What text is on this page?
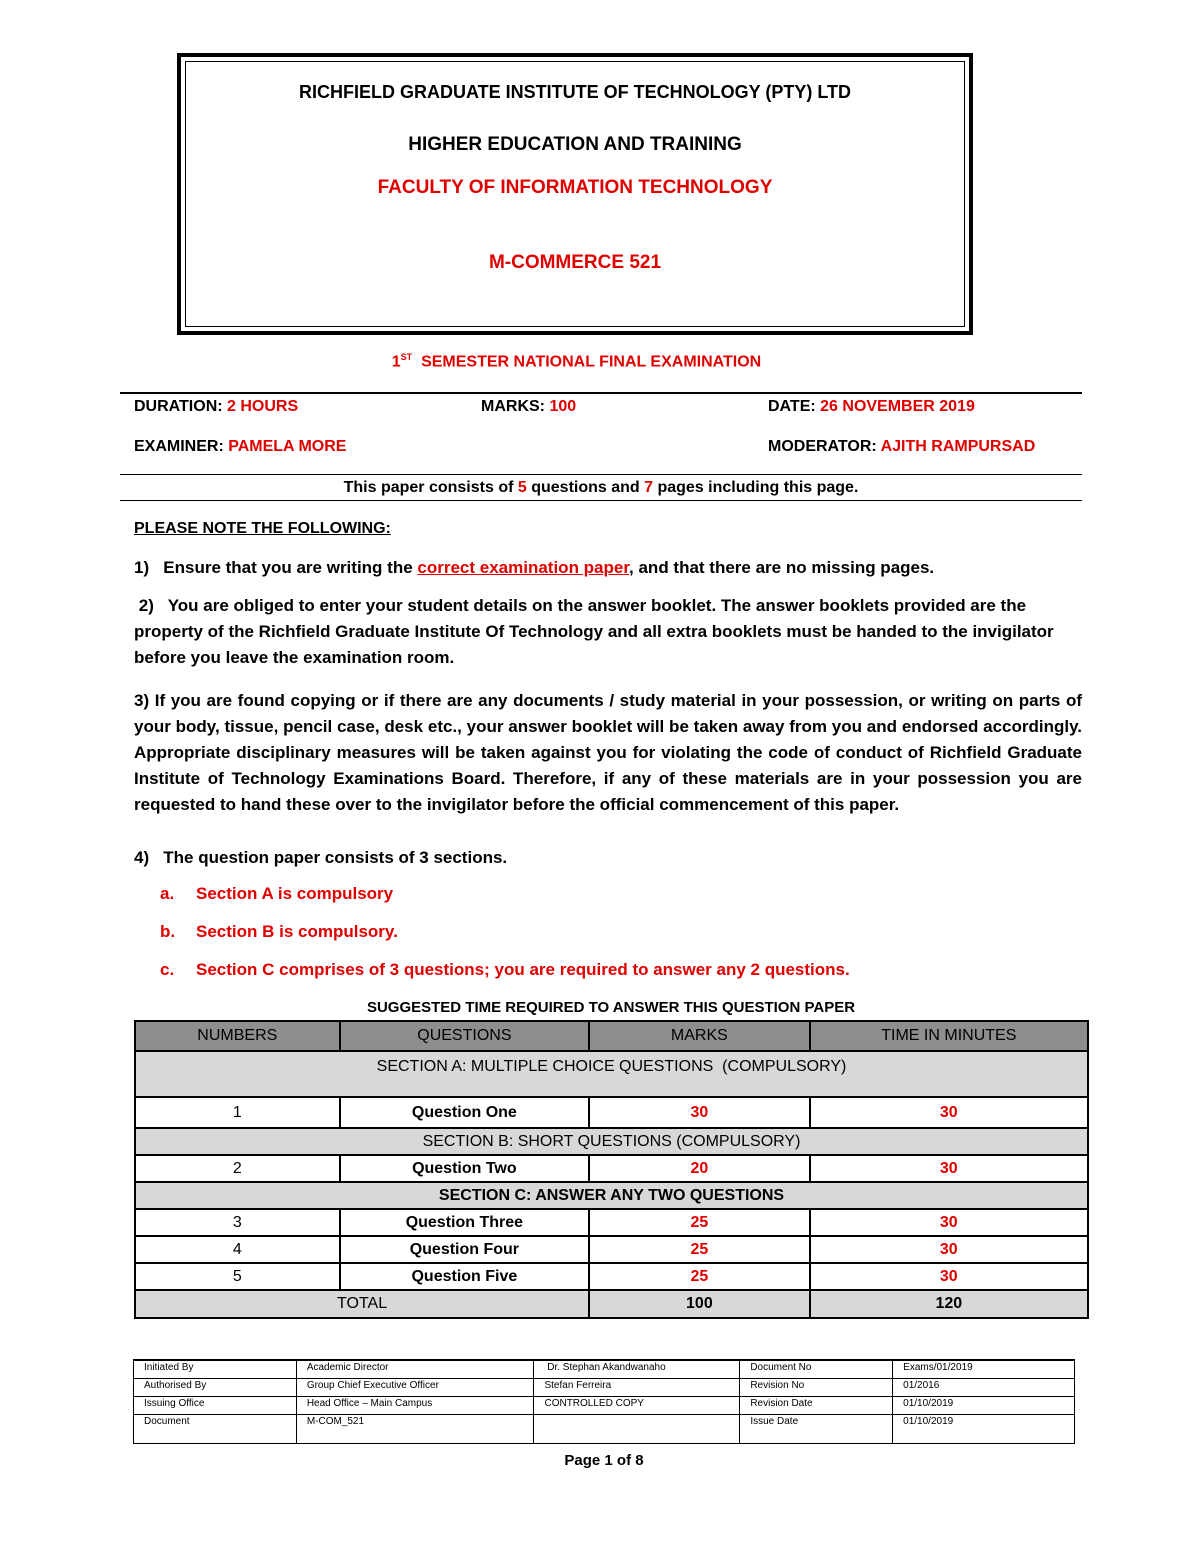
RICHFIELD GRADUATE INSTITUTE OF TECHNOLOGY (PTY) LTD
HIGHER EDUCATION AND TRAINING
FACULTY OF INFORMATION TECHNOLOGY
M-COMMERCE 521
1ST  SEMESTER NATIONAL FINAL EXAMINATION
DURATION: 2 HOURS	MARKS: 100	DATE: 26 NOVEMBER 2019
EXAMINER: PAMELA MORE	MODERATOR: AJITH RAMPURSAD
This paper consists of 5 questions and 7 pages including this page.
PLEASE NOTE THE FOLLOWING:
1)   Ensure that you are writing the correct examination paper, and that there are no missing pages.
2)   You are obliged to enter your student details on the answer booklet. The answer booklets provided are the property of the Richfield Graduate Institute Of Technology and all extra booklets must be handed to the invigilator before you leave the examination room.
3) If you are found copying or if there are any documents / study material in your possession, or writing on parts of your body, tissue, pencil case, desk etc., your answer booklet will be taken away from you and endorsed accordingly. Appropriate disciplinary measures will be taken against you for violating the code of conduct of Richfield Graduate Institute of Technology Examinations Board. Therefore, if any of these materials are in your possession you are requested to hand these over to the invigilator before the official commencement of this paper.
4)   The question paper consists of 3 sections.
a. Section A is compulsory
b. Section B is compulsory.
c. Section C comprises of 3 questions; you are required to answer any 2 questions.
SUGGESTED TIME REQUIRED TO ANSWER THIS QUESTION PAPER
NUMBERS	QUESTIONS	MARKS	TIME IN MINUTES
SECTION A: MULTIPLE CHOICE QUESTIONS  (COMPULSORY)			
1	Question One	30	30
SECTION B: SHORT QUESTIONS (COMPULSORY)			
2	Question Two	20	30
SECTION C: ANSWER ANY TWO QUESTIONS			
3	Question Three	25	30
4	Question Four	25	30
5	Question Five	25	30
TOTAL		100	120
Initiated By	Academic Director	Dr. Stephan Akandwanaho	Document No	Exams/01/2019
Authorised By	Group Chief Executive Officer	Stefan Ferreira	Revision No	01/2016
Issuing Office	Head Office – Main Campus	CONTROLLED COPY	Revision Date	01/10/2019
Document	M-COM_521		Issue Date	01/10/2019
Page 1 of 8
